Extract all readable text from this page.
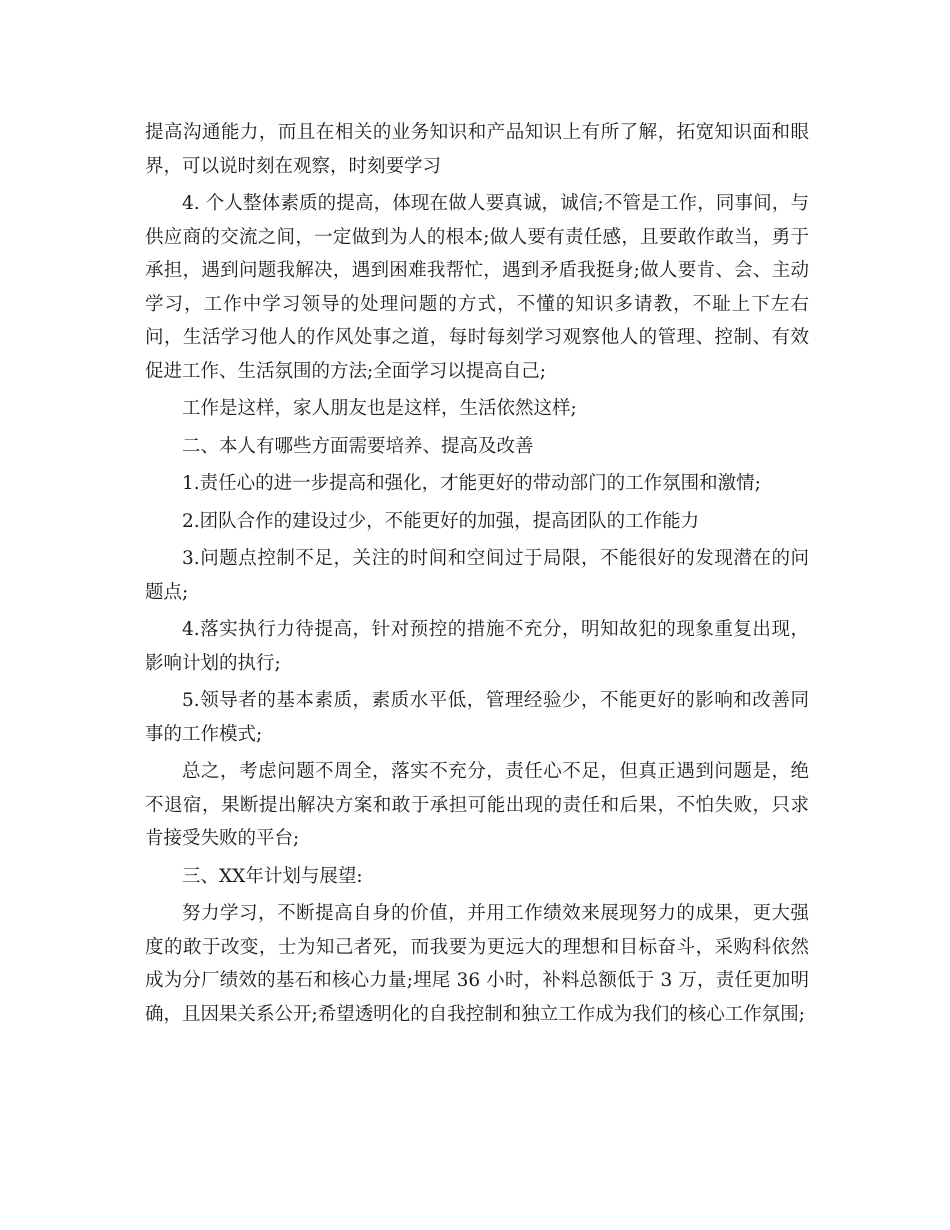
提高沟通能力，而且在相关的业务知识和产品知识上有所了解，拓宽知识面和眼界，可以说时刻在观察，时刻要学习

4. 个人整体素质的提高，体现在做人要真诚，诚信;不管是工作，同事间，与供应商的交流之间，一定做到为人的根本;做人要有责任感，且要敢作敢当，勇于承担，遇到问题我解决，遇到困难我帮忙，遇到矛盾我挺身;做人要肯、会、主动学习，工作中学习领导的处理问题的方式，不懂的知识多请教，不耻上下左右问，生活学习他人的作风处事之道，每时每刻学习观察他人的管理、控制、有效促进工作、生活氛围的方法;全面学习以提高自己;

工作是这样，家人朋友也是这样，生活依然这样;

二、本人有哪些方面需要培养、提高及改善

1.责任心的进一步提高和强化，才能更好的带动部门的工作氛围和激情;

2.团队合作的建设过少，不能更好的加强，提高团队的工作能力

3.问题点控制不足，关注的时间和空间过于局限，不能很好的发现潜在的问题点;

4.落实执行力待提高，针对预控的措施不充分，明知故犯的现象重复出现，影响计划的执行;

5.领导者的基本素质，素质水平低，管理经验少，不能更好的影响和改善同事的工作模式;

总之，考虑问题不周全，落实不充分，责任心不足，但真正遇到问题是，绝不退宿，果断提出解决方案和敢于承担可能出现的责任和后果，不怕失败，只求肯接受失败的平台;

三、XX年计划与展望:

努力学习，不断提高自身的价值，并用工作绩效来展现努力的成果，更大强度的敢于改变，士为知己者死，而我要为更远大的理想和目标奋斗，采购科依然成为分厂绩效的基石和核心力量;埋尾 36 小时，补料总额低于 3 万，责任更加明确，且因果关系公开;希望透明化的自我控制和独立工作成为我们的核心工作氛围;
